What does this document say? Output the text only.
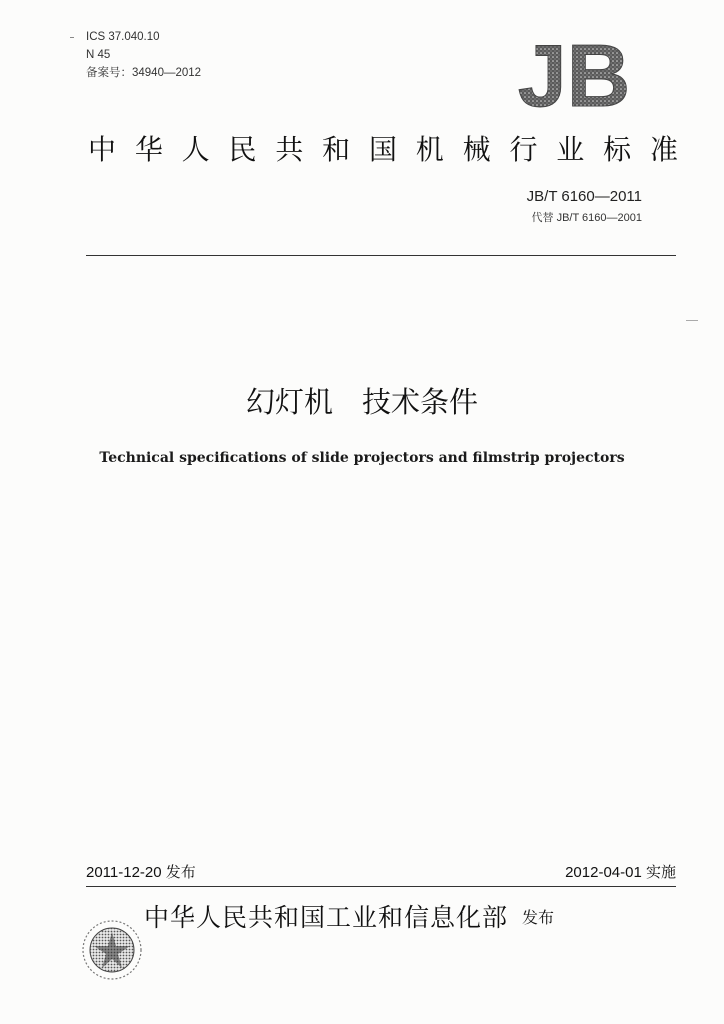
ICS 37.040.10
N 45
备案号：34940—2012	JB
中 华 人 民 共 和 国 机 械 行 业 标 准
JB/T 6160—2011
代替 JB/T 6160—2001
幻灯机　技术条件
Technical specifications of slide projectors and filmstrip projectors
2011-12-20 发布	2012-04-01 实施
中华人民共和国工业和信息化部 发布
